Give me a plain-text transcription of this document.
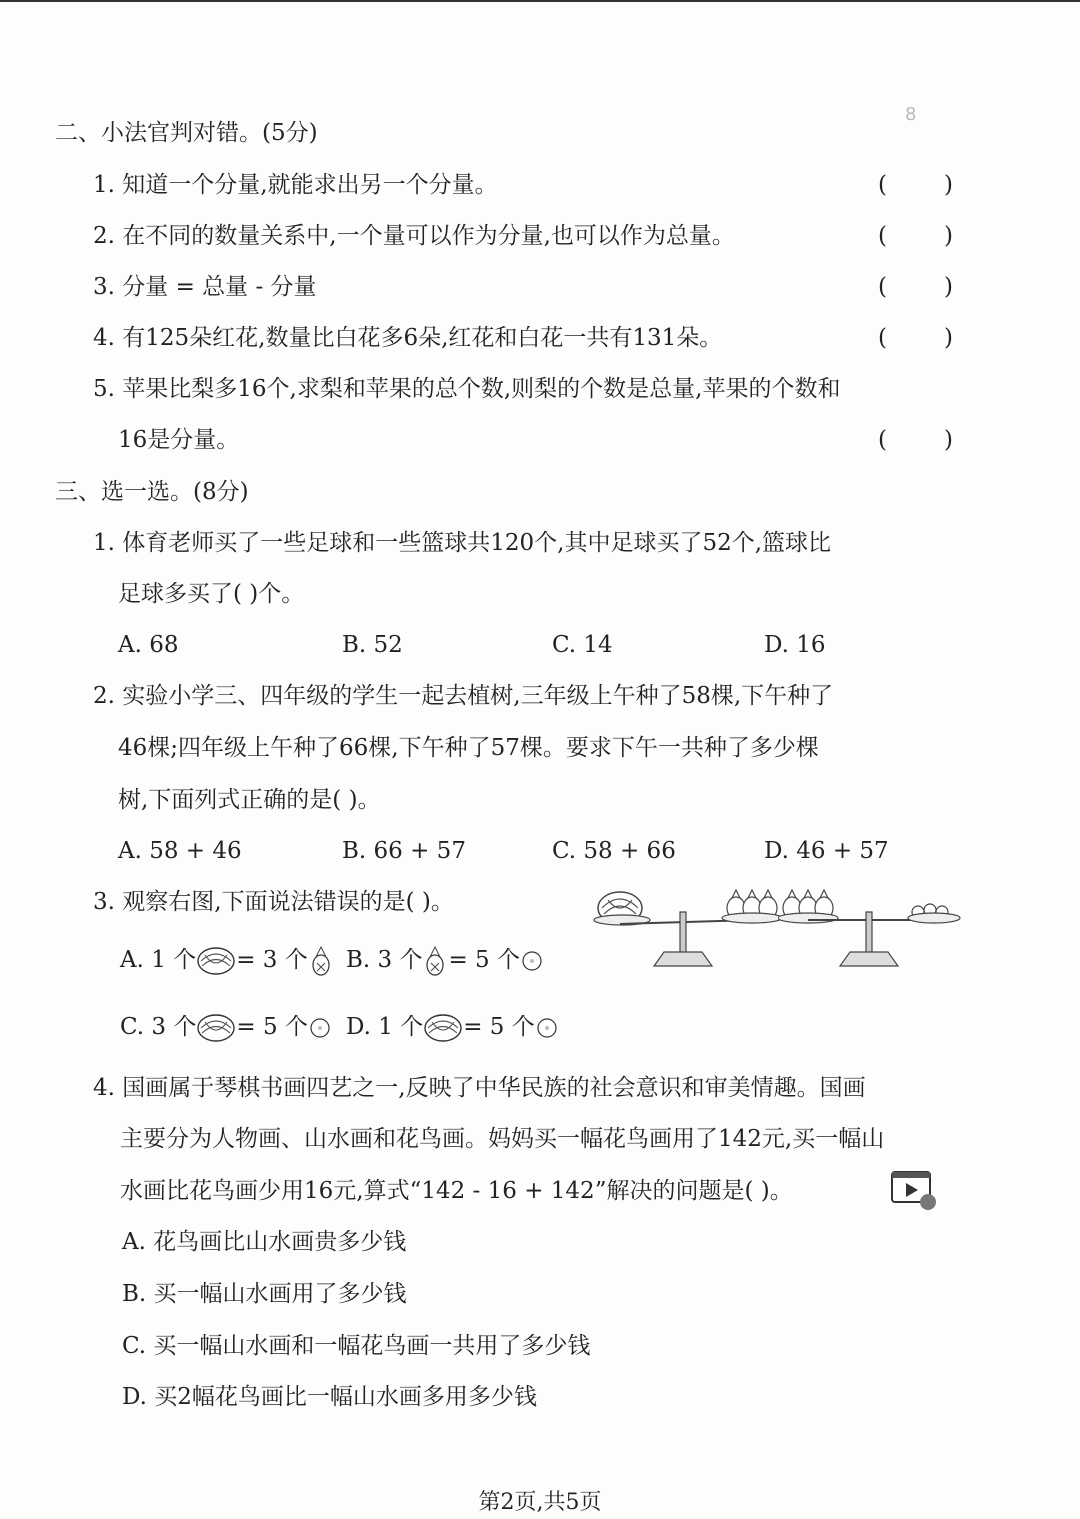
8
二、小法官判对错。(5分)
1. 知道一个分量,就能求出另一个分量。	( )
2. 在不同的数量关系中,一个量可以作为分量,也可以作为总量。	( )
3. 分量 = 总量 - 分量	( )
4. 有125朵红花,数量比白花多6朵,红花和白花一共有131朵。	( )
5. 苹果比梨多16个,求梨和苹果的总个数,则梨的个数是总量,苹果的个数和
16是分量。	( )
三、选一选。(8分)
1. 体育老师买了一些足球和一些篮球共120个,其中足球买了52个,篮球比
足球多买了( )个。
A. 68	B. 52	C. 14	D. 16
2. 实验小学三、四年级的学生一起去植树,三年级上午种了58棵,下午种了
46棵;四年级上午种了66棵,下午种了57棵。要求下午一共种了多少棵
树,下面列式正确的是( )。
A. 58 + 46	B. 66 + 57	C. 58 + 66	D. 46 + 57
3. 观察右图,下面说法错误的是( )。
A. 1 个 = 3 个	B. 3 个 = 5 个
C. 3 个 = 5 个	D. 1 个 = 5 个
4. 国画属于琴棋书画四艺之一,反映了中华民族的社会意识和审美情趣。国画
主要分为人物画、山水画和花鸟画。妈妈买一幅花鸟画用了142元,买一幅山
水画比花鸟画少用16元,算式“142 - 16 + 142”解决的问题是( )。
A. 花鸟画比山水画贵多少钱
B. 买一幅山水画用了多少钱
C. 买一幅山水画和一幅花鸟画一共用了多少钱
D. 买2幅花鸟画比一幅山水画多用多少钱
第2页,共5页
